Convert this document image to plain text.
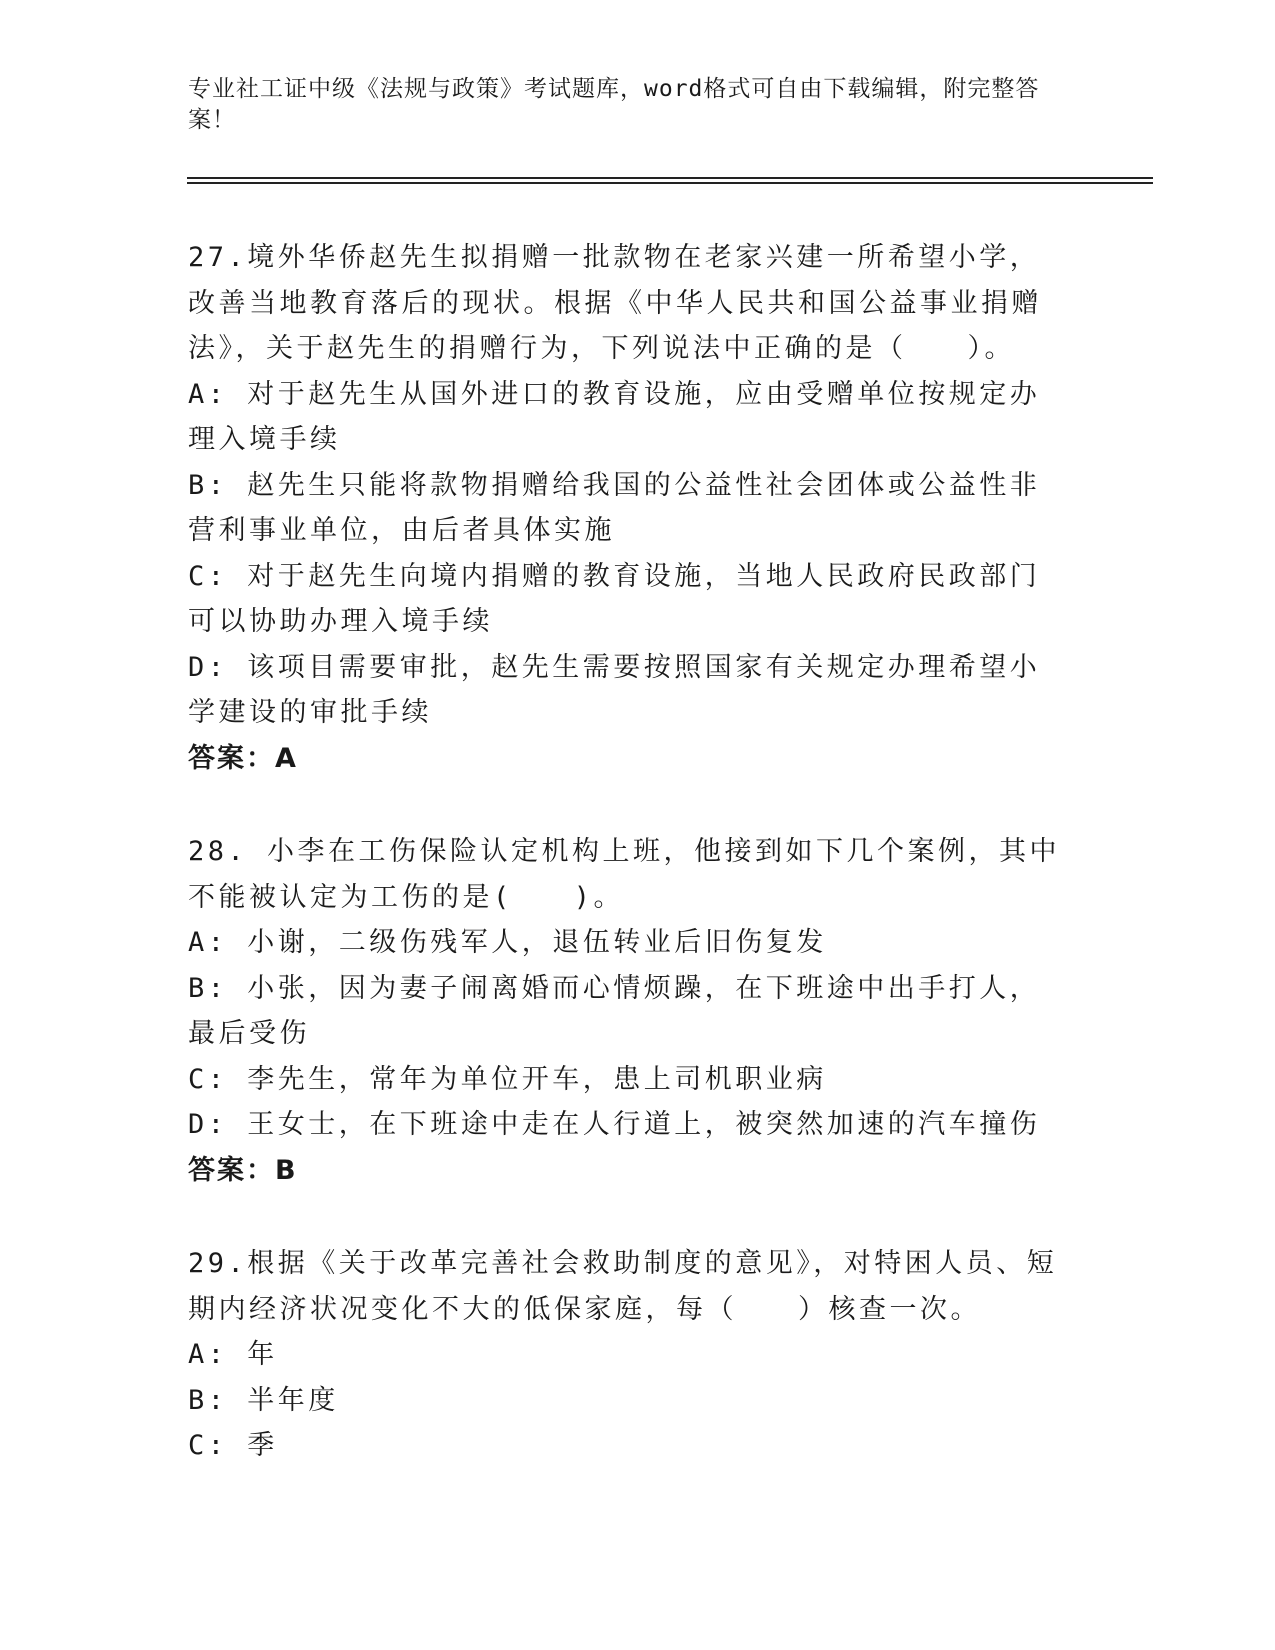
专业社工证中级《法规与政策》考试题库，word格式可自由下载编辑，附完整答案！

27.境外华侨赵先生拟捐赠一批款物在老家兴建一所希望小学，改善当地教育落后的现状。根据《中华人民共和国公益事业捐赠法》，关于赵先生的捐赠行为，下列说法中正确的是（　　）。

A: 对于赵先生从国外进口的教育设施，应由受赠单位按规定办理入境手续

B: 赵先生只能将款物捐赠给我国的公益性社会团体或公益性非营利事业单位，由后者具体实施

C: 对于赵先生向境内捐赠的教育设施，当地人民政府民政部门可以协助办理入境手续

D: 该项目需要审批，赵先生需要按照国家有关规定办理希望小学建设的审批手续

答案：A

28. 小李在工伤保险认定机构上班，他接到如下几个案例，其中不能被认定为工伤的是(　　)。

A: 小谢，二级伤残军人，退伍转业后旧伤复发

B: 小张，因为妻子闹离婚而心情烦躁，在下班途中出手打人，最后受伤

C: 李先生，常年为单位开车，患上司机职业病

D: 王女士，在下班途中走在人行道上，被突然加速的汽车撞伤

答案：B

29.根据《关于改革完善社会救助制度的意见》，对特困人员、短期内经济状况变化不大的低保家庭，每（　　）核查一次。

A: 年

B: 半年度

C: 季
